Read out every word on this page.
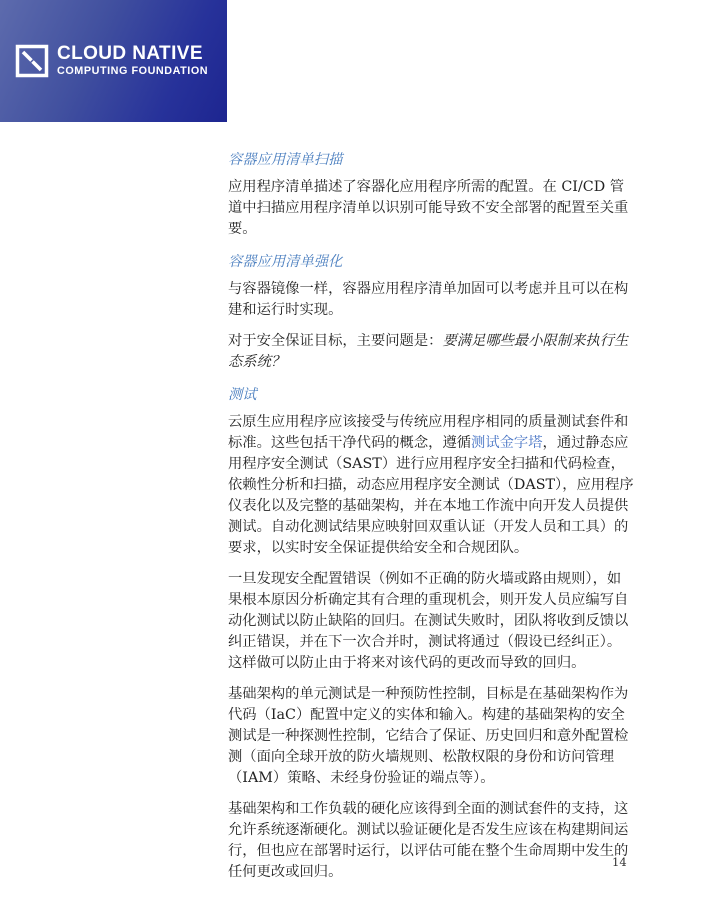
CLOUD NATIVE
COMPUTING FOUNDATION
容器应用清单扫描

应用程序清单描述了容器化应用程序所需的配置。在 CI/CD 管道中扫描应用程序清单以识别可能导致不安全部署的配置至关重要。

容器应用清单强化

与容器镜像一样，容器应用程序清单加固可以考虑并且可以在构建和运行时实现。

对于安全保证目标，主要问题是：要满足哪些最小限制来执行生态系统？

测试

云原生应用程序应该接受与传统应用程序相同的质量测试套件和标准。这些包括干净代码的概念，遵循测试金字塔，通过静态应用程序安全测试（SAST）进行应用程序安全扫描和代码检查，依赖性分析和扫描，动态应用程序安全测试（DAST），应用程序仪表化以及完整的基础架构，并在本地工作流中向开发人员提供测试。自动化测试结果应映射回双重认证（开发人员和工具）的要求，以实时安全保证提供给安全和合规团队。

一旦发现安全配置错误（例如不正确的防火墙或路由规则），如果根本原因分析确定其有合理的重现机会，则开发人员应编写自动化测试以防止缺陷的回归。在测试失败时，团队将收到反馈以纠正错误，并在下一次合并时，测试将通过（假设已经纠正）。这样做可以防止由于将来对该代码的更改而导致的回归。

基础架构的单元测试是一种预防性控制，目标是在基础架构作为代码（IaC）配置中定义的实体和输入。构建的基础架构的安全测试是一种探测性控制，它结合了保证、历史回归和意外配置检测（面向全球开放的防火墙规则、松散权限的身份和访问管理（IAM）策略、未经身份验证的端点等）。

基础架构和工作负载的硬化应该得到全面的测试套件的支持，这允许系统逐渐硬化。测试以验证硬化是否发生应该在构建期间运行，但也应在部署时运行，以评估可能在整个生命周期中发生的任何更改或回归。

14
